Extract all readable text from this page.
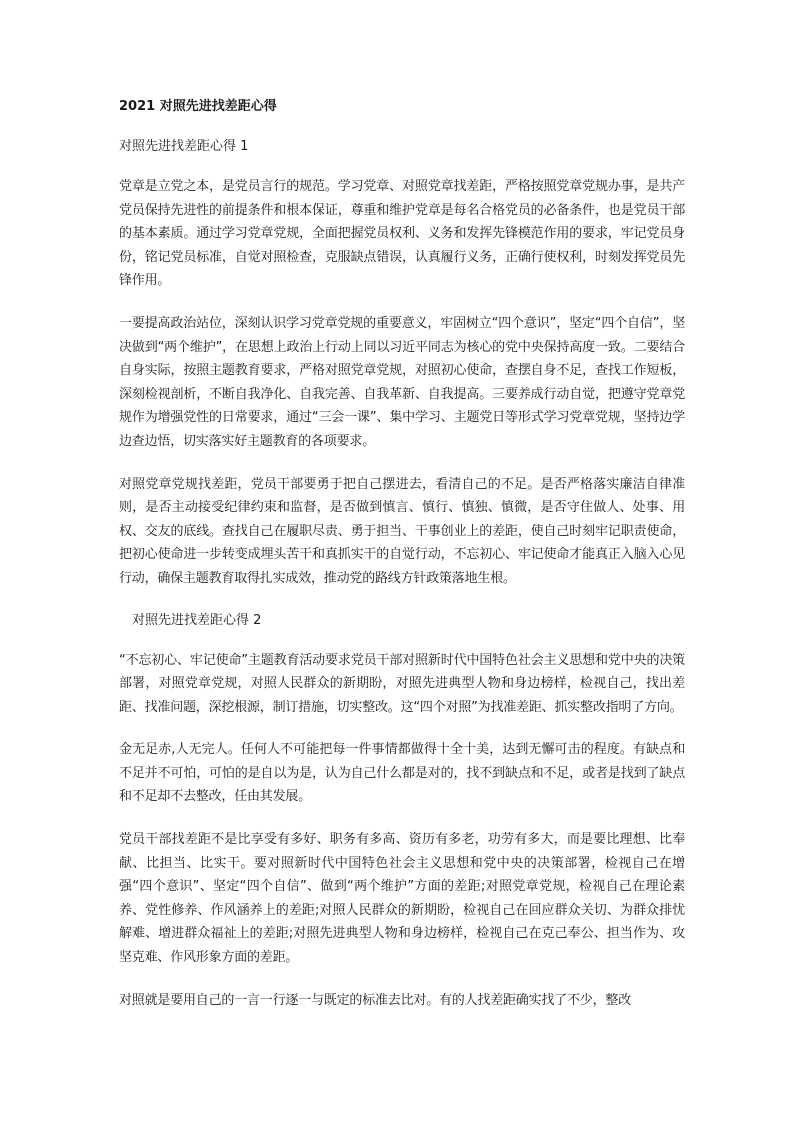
2021 对照先进找差距心得
对照先进找差距心得 1

党章是立党之本，是党员言行的规范。学习党章、对照党章找差距，严格按照党章党规办事，是共产党员保持先进性的前提条件和根本保证，尊重和维护党章是每名合格党员的必备条件，也是党员干部的基本素质。通过学习党章党规，全面把握党员权利、义务和发挥先锋模范作用的要求，牢记党员身份，铭记党员标准，自觉对照检查，克服缺点错误，认真履行义务，正确行使权利，时刻发挥党员先锋作用。

一要提高政治站位，深刻认识学习党章党规的重要意义，牢固树立“四个意识”，坚定“四个自信”，坚决做到“两个维护”，在思想上政治上行动上同以习近平同志为核心的党中央保持高度一致。二要结合自身实际，按照主题教育要求，严格对照党章党规，对照初心使命，查摆自身不足，查找工作短板，深刻检视剖析，不断自我净化、自我完善、自我革新、自我提高。三要养成行动自觉，把遵守党章党规作为增强党性的日常要求，通过“三会一课”、集中学习、主题党日等形式学习党章党规，坚持边学边查边悟，切实落实好主题教育的各项要求。

对照党章党规找差距，党员干部要勇于把自己摆进去，看清自己的不足。是否严格落实廉洁自律准则，是否主动接受纪律约束和监督，是否做到慎言、慎行、慎独、慎微，是否守住做人、处事、用权、交友的底线。查找自己在履职尽责、勇于担当、干事创业上的差距，使自己时刻牢记职责使命，把初心使命进一步转变成埋头苦干和真抓实干的自觉行动，不忘初心、牢记使命才能真正入脑入心见行动，确保主题教育取得扎实成效，推动党的路线方针政策落地生根。

对照先进找差距心得 2

“不忘初心、牢记使命”主题教育活动要求党员干部对照新时代中国特色社会主义思想和党中央的决策部署，对照党章党规，对照人民群众的新期盼，对照先进典型人物和身边榜样，检视自己，找出差距、找准问题，深挖根源，制订措施，切实整改。这“四个对照”为找准差距、抓实整改指明了方向。

金无足赤,人无完人。任何人不可能把每一件事情都做得十全十美，达到无懈可击的程度。有缺点和不足并不可怕，可怕的是自以为是，认为自己什么都是对的，找不到缺点和不足，或者是找到了缺点和不足却不去整改，任由其发展。

党员干部找差距不是比享受有多好、职务有多高、资历有多老，功劳有多大，而是要比理想、比奉献、比担当、比实干。要对照新时代中国特色社会主义思想和党中央的决策部署，检视自己在增强“四个意识”、坚定“四个自信”、做到“两个维护”方面的差距;对照党章党规，检视自己在理论素养、党性修养、作风涵养上的差距;对照人民群众的新期盼，检视自己在回应群众关切、为群众排忧解难、增进群众福祉上的差距;对照先进典型人物和身边榜样，检视自己在克己奉公、担当作为、攻坚克难、作风形象方面的差距。

对照就是要用自己的一言一行逐一与既定的标准去比对。有的人找差距确实找了不少，整改
